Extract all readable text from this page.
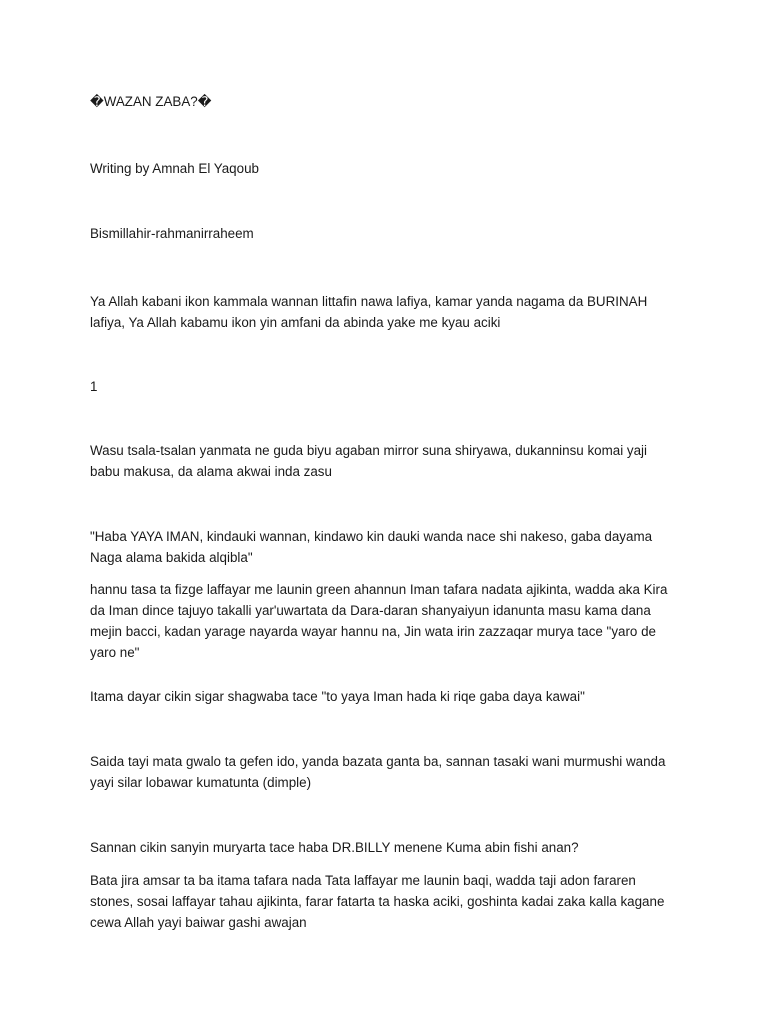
�WAZAN ZABA?�

Writing by Amnah El Yaqoub

Bismillahir-rahmanirraheem

Ya Allah kabani ikon kammala wannan littafin nawa lafiya, kamar yanda nagama da BURINAH lafiya, Ya Allah kabamu ikon yin amfani da abinda yake me kyau aciki

1

Wasu tsala-tsalan yanmata ne guda biyu agaban mirror suna shiryawa, dukanninsu komai yaji babu makusa, da alama akwai inda zasu

"Haba YAYA IMAN, kindauki wannan, kindawo kin dauki wanda nace shi nakeso, gaba dayama Naga alama bakida alqibla"

hannu tasa ta fizge laffayar me launin green ahannun Iman tafara nadata ajikinta, wadda aka Kira da Iman dince tajuyo takalli yar'uwartata da Dara-daran shanyaiyun idanunta masu kama dana mejin bacci, kadan yarage nayarda wayar hannu na, Jin wata irin zazzaqar murya tace "yaro de yaro ne"

Itama dayar cikin sigar shagwaba tace "to yaya Iman hada ki riqe gaba daya kawai"

Saida tayi mata gwalo ta gefen ido, yanda bazata ganta ba, sannan tasaki wani murmushi wanda yayi silar lobawar kumatunta (dimple)

Sannan cikin sanyin muryarta tace haba DR.BILLY menene Kuma abin fishi anan?

Bata jira amsar ta ba itama tafara nada Tata laffayar me launin baqi, wadda taji adon fararen stones, sosai laffayar tahau ajikinta, farar fatarta ta haska aciki, goshinta kadai zaka kalla kagane cewa Allah yayi baiwar gashi awajan
